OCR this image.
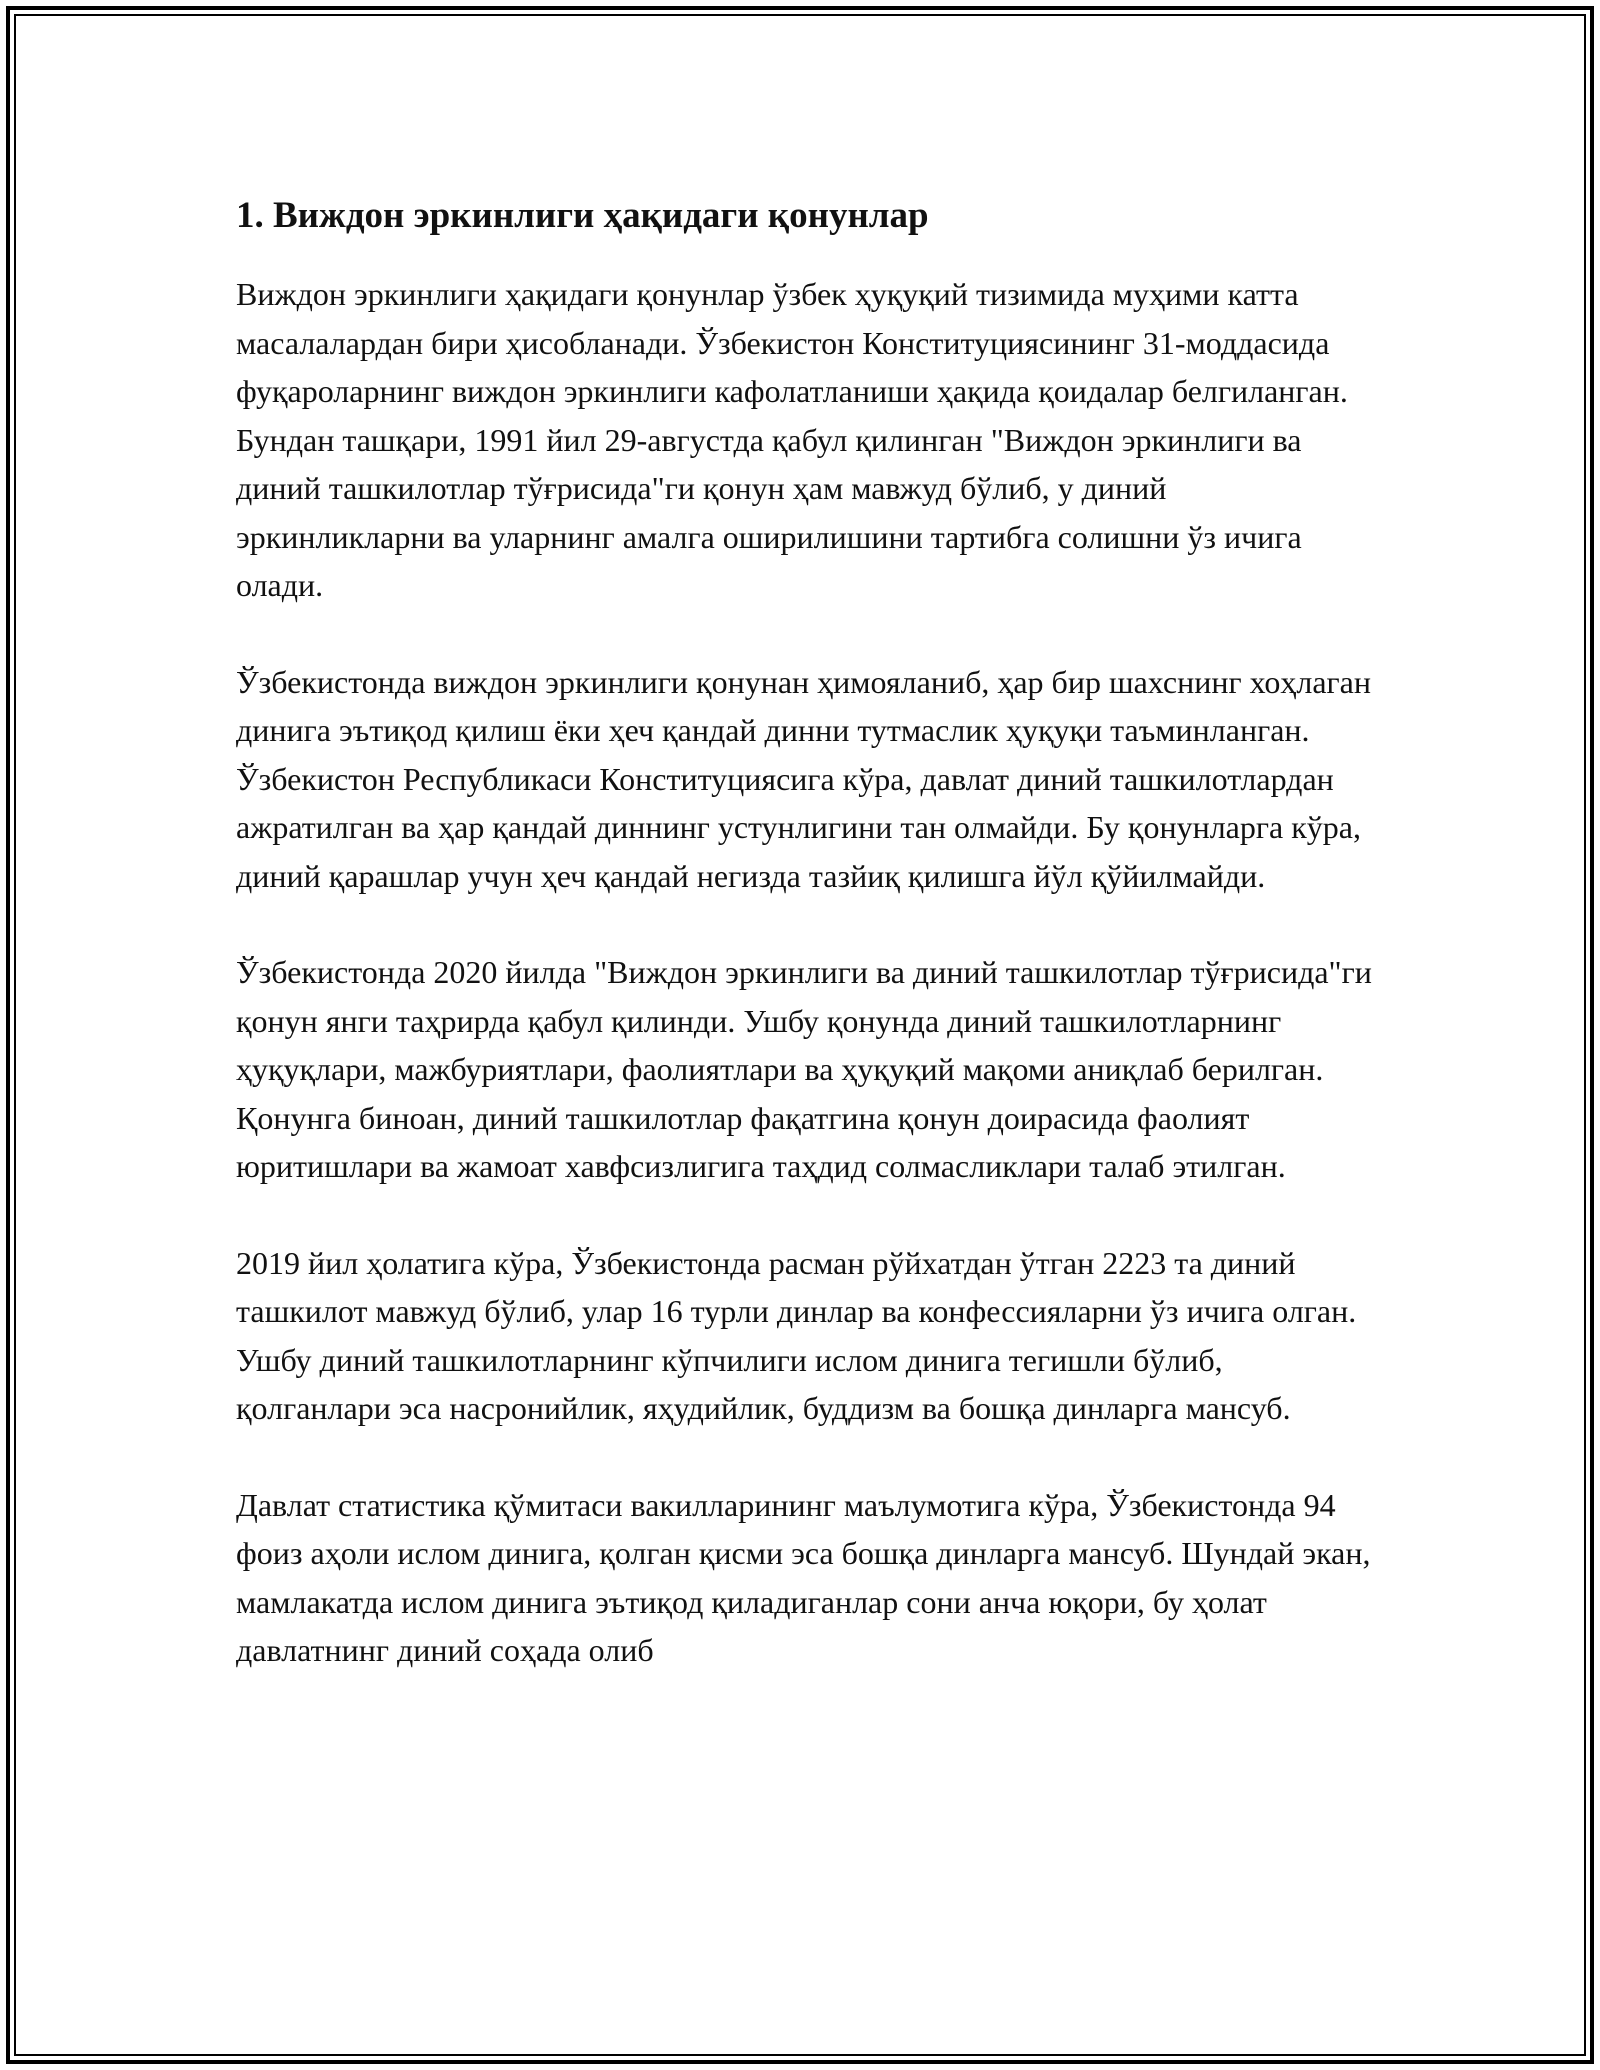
1. Виждон эркинлиги ҳақидаги қонунлар

Виждон эркинлиги ҳақидаги қонунлар ўзбек ҳуқуқий тизимида муҳими катта масалалардан бири ҳисобланади. Ўзбекистон Конституциясининг 31-моддасида фуқароларнинг виждон эркинлиги кафолатланиши ҳақида қоидалар белгиланган. Бундан ташқари, 1991 йил 29-августда қабул қилинган "Виждон эркинлиги ва диний ташкилотлар тўғрисида"ги қонун ҳам мавжуд бўлиб, у диний эркинликларни ва уларнинг амалга оширилишини тартибга солишни ўз ичига олади.

Ўзбекистонда виждон эркинлиги қонунан ҳимояланиб, ҳар бир шахснинг хоҳлаган динига эътиқод қилиш ёки ҳеч қандай динни тутмаслик ҳуқуқи таъминланган. Ўзбекистон Республикаси Конституциясига кўра, давлат диний ташкилотлардан ажратилган ва ҳар қандай диннинг устунлигини тан олмайди. Бу қонунларга кўра, диний қарашлар учун ҳеч қандай негизда тазйиқ қилишга йўл қўйилмайди.

Ўзбекистонда 2020 йилда "Виждон эркинлиги ва диний ташкилотлар тўғрисида"ги қонун янги таҳрирда қабул қилинди. Ушбу қонунда диний ташкилотларнинг ҳуқуқлари, мажбуриятлари, фаолиятлари ва ҳуқуқий мақоми аниқлаб берилган. Қонунга биноан, диний ташкилотлар фақатгина қонун доирасида фаолият юритишлари ва жамоат хавфсизлигига таҳдид солмасликлари талаб этилган.

2019 йил ҳолатига кўра, Ўзбекистонда расман рўйхатдан ўтган 2223 та диний ташкилот мавжуд бўлиб, улар 16 турли динлар ва конфессияларни ўз ичига олган. Ушбу диний ташкилотларнинг кўпчилиги ислом динига тегишли бўлиб, қолганлари эса насронийлик, яҳудийлик, буддизм ва бошқа динларга мансуб.

Давлат статистика қўмитаси вакилларининг маълумотига кўра, Ўзбекистонда 94 фоиз аҳоли ислом динига, қолган қисми эса бошқа динларга мансуб. Шундай экан, мамлакатда ислом динига эътиқод қиладиганлар сони анча юқори, бу ҳолат давлатнинг диний соҳада олиб
